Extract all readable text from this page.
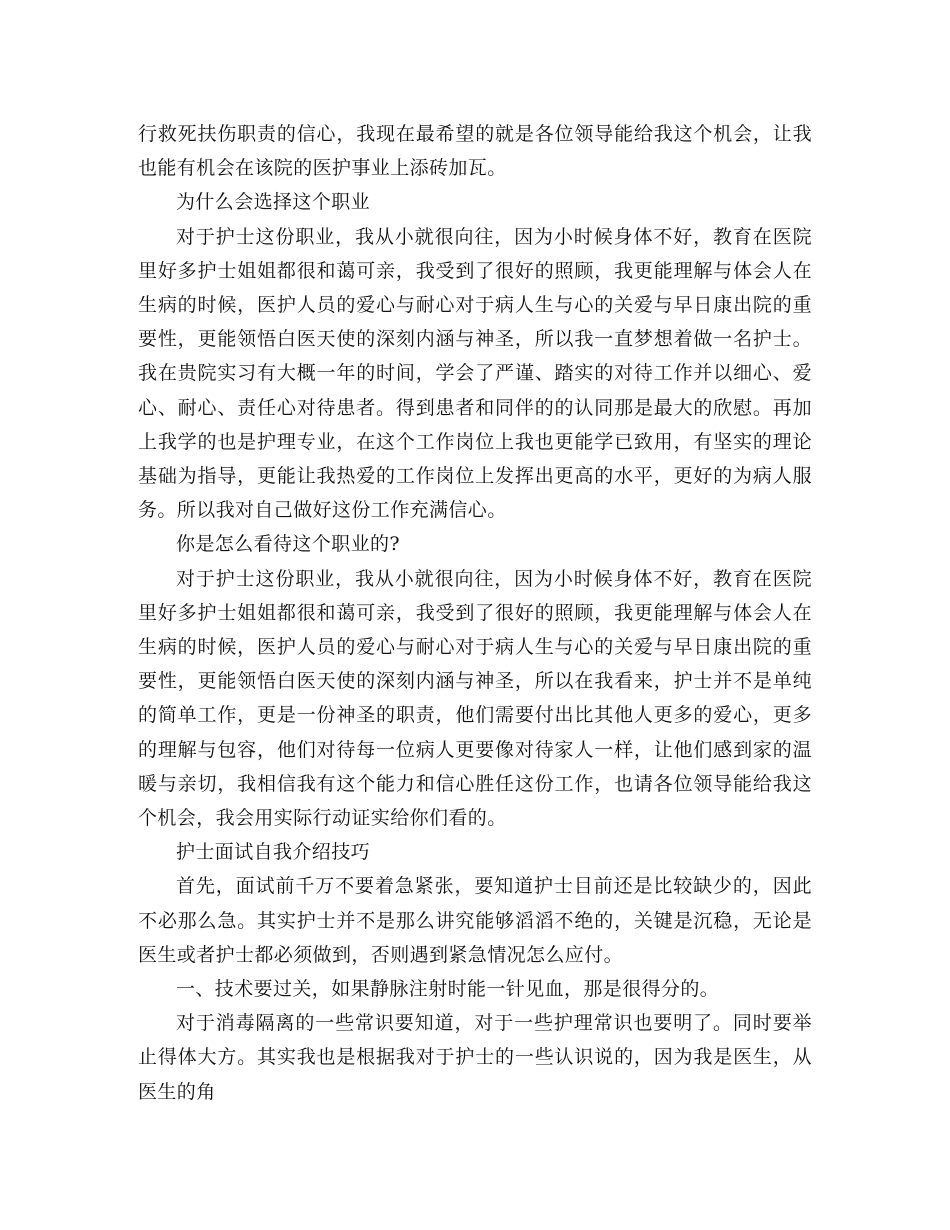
行救死扶伤职责的信心，我现在最希望的就是各位领导能给我这个机会，让我也能有机会在该院的医护事业上添砖加瓦。

为什么会选择这个职业

对于护士这份职业，我从小就很向往，因为小时候身体不好，教育在医院里好多护士姐姐都很和蔼可亲，我受到了很好的照顾，我更能理解与体会人在生病的时候，医护人员的爱心与耐心对于病人生与心的关爱与早日康出院的重要性，更能领悟白医天使的深刻内涵与神圣，所以我一直梦想着做一名护士。我在贵院实习有大概一年的时间，学会了严谨、踏实的对待工作并以细心、爱心、耐心、责任心对待患者。得到患者和同伴的的认同那是最大的欣慰。再加上我学的也是护理专业，在这个工作岗位上我也更能学已致用，有坚实的理论基础为指导，更能让我热爱的工作岗位上发挥出更高的水平，更好的为病人服务。所以我对自己做好这份工作充满信心。

你是怎么看待这个职业的?

对于护士这份职业，我从小就很向往，因为小时候身体不好，教育在医院里好多护士姐姐都很和蔼可亲，我受到了很好的照顾，我更能理解与体会人在生病的时候，医护人员的爱心与耐心对于病人生与心的关爱与早日康出院的重要性，更能领悟白医天使的深刻内涵与神圣，所以在我看来，护士并不是单纯的简单工作，更是一份神圣的职责，他们需要付出比其他人更多的爱心，更多的理解与包容，他们对待每一位病人更要像对待家人一样，让他们感到家的温暖与亲切，我相信我有这个能力和信心胜任这份工作，也请各位领导能给我这个机会，我会用实际行动证实给你们看的。

护士面试自我介绍技巧

首先，面试前千万不要着急紧张，要知道护士目前还是比较缺少的，因此不必那么急。其实护士并不是那么讲究能够滔滔不绝的，关键是沉稳，无论是医生或者护士都必须做到，否则遇到紧急情况怎么应付。

一、技术要过关，如果静脉注射时能一针见血，那是很得分的。

对于消毒隔离的一些常识要知道，对于一些护理常识也要明了。同时要举止得体大方。其实我也是根据我对于护士的一些认识说的，因为我是医生，从医生的角
